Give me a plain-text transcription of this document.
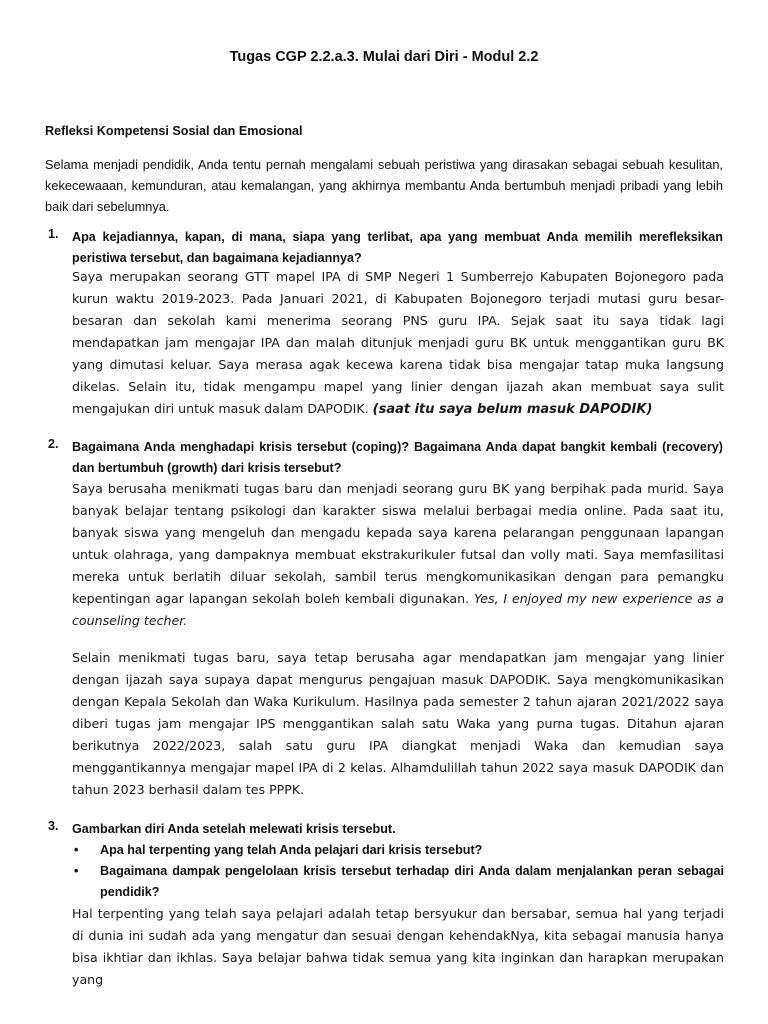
Tugas CGP 2.2.a.3. Mulai dari Diri - Modul 2.2
Refleksi Kompetensi Sosial dan Emosional
Selama menjadi pendidik, Anda tentu pernah mengalami sebuah peristiwa yang dirasakan sebagai sebuah kesulitan, kekecewaaan, kemunduran, atau kemalangan, yang akhirnya membantu Anda bertumbuh menjadi pribadi yang lebih baik dari sebelumnya.
1. Apa kejadiannya, kapan, di mana, siapa yang terlibat, apa yang membuat Anda memilih merefleksikan peristiwa tersebut, dan bagaimana kejadiannya?
Saya merupakan seorang GTT mapel IPA di SMP Negeri 1 Sumberrejo Kabupaten Bojonegoro pada kurun waktu 2019-2023. Pada Januari 2021, di Kabupaten Bojonegoro terjadi mutasi guru besar-besaran dan sekolah kami menerima seorang PNS guru IPA. Sejak saat itu saya tidak lagi mendapatkan jam mengajar IPA dan malah ditunjuk menjadi guru BK untuk menggantikan guru BK yang dimutasi keluar. Saya merasa agak kecewa karena tidak bisa mengajar tatap muka langsung dikelas. Selain itu, tidak mengampu mapel yang linier dengan ijazah akan membuat saya sulit mengajukan diri untuk masuk dalam DAPODIK. (saat itu saya belum masuk DAPODIK)
2. Bagaimana Anda menghadapi krisis tersebut (coping)? Bagaimana Anda dapat bangkit kembali (recovery) dan bertumbuh (growth) dari krisis tersebut?
Saya berusaha menikmati tugas baru dan menjadi seorang guru BK yang berpihak pada murid. Saya banyak belajar tentang psikologi dan karakter siswa melalui berbagai media online. Pada saat itu, banyak siswa yang mengeluh dan mengadu kepada saya karena pelarangan penggunaan lapangan untuk olahraga, yang dampaknya membuat ekstrakurikuler futsal dan volly mati. Saya memfasilitasi mereka untuk berlatih diluar sekolah, sambil terus mengkomunikasikan dengan para pemangku kepentingan agar lapangan sekolah boleh kembali digunakan. Yes, I enjoyed my new experience as a counseling techer.
Selain menikmati tugas baru, saya tetap berusaha agar mendapatkan jam mengajar yang linier dengan ijazah saya supaya dapat mengurus pengajuan masuk DAPODIK. Saya mengkomunikasikan dengan Kepala Sekolah dan Waka Kurikulum. Hasilnya pada semester 2 tahun ajaran 2021/2022 saya diberi tugas jam mengajar IPS menggantikan salah satu Waka yang purna tugas. Ditahun ajaran berikutnya 2022/2023, salah satu guru IPA diangkat menjadi Waka dan kemudian saya menggantikannya mengajar mapel IPA di 2 kelas. Alhamdulillah tahun 2022 saya masuk DAPODIK dan tahun 2023 berhasil dalam tes PPPK.
3. Gambarkan diri Anda setelah melewati krisis tersebut.
• Apa hal terpenting yang telah Anda pelajari dari krisis tersebut?
• Bagaimana dampak pengelolaan krisis tersebut terhadap diri Anda dalam menjalankan peran sebagai pendidik?
Hal terpenting yang telah saya pelajari adalah tetap bersyukur dan bersabar, semua hal yang terjadi di dunia ini sudah ada yang mengatur dan sesuai dengan kehendakNya, kita sebagai manusia hanya bisa ikhtiar dan ikhlas. Saya belajar bahwa tidak semua yang kita inginkan dan harapkan merupakan yang
